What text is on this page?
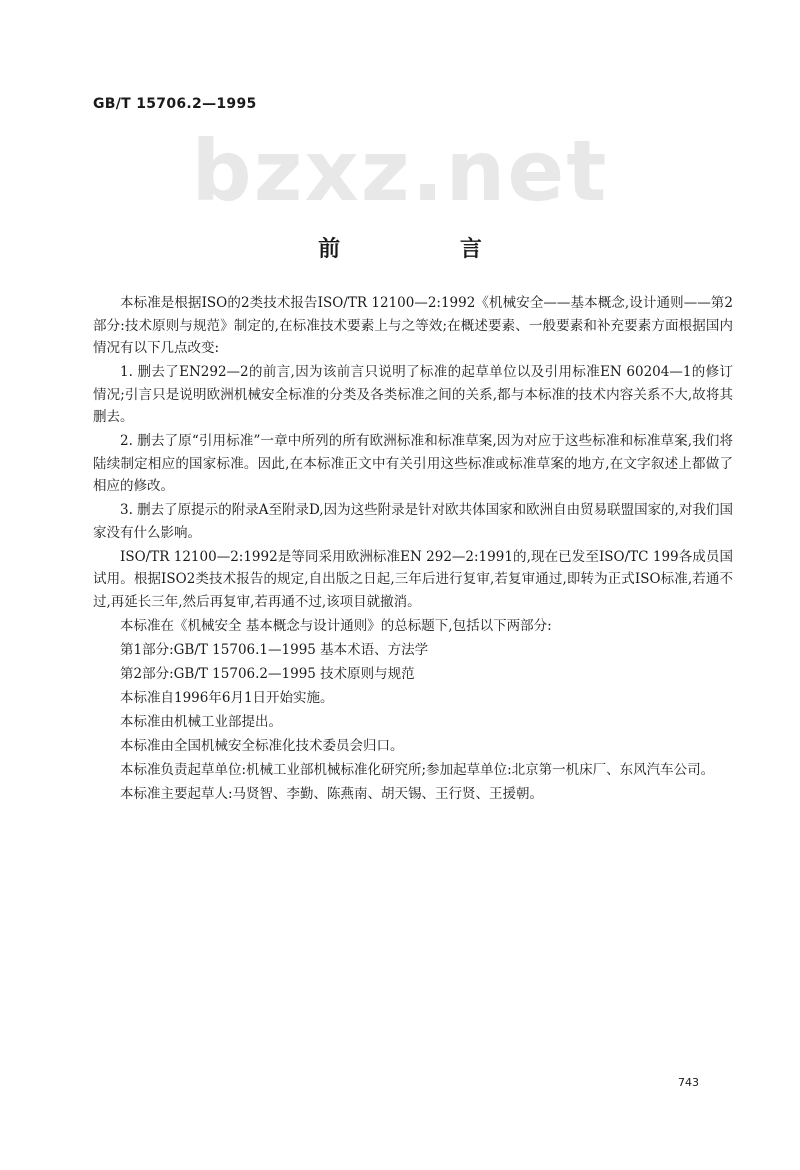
GB/T 15706.2—1995
bzxz.net
前 言

本标准是根据ISO的2类技术报告ISO/TR 12100—2:1992《机械安全——基本概念,设计通则——第2部分:技术原则与规范》制定的,在标准技术要素上与之等效;在概述要素、一般要素和补充要素方面根据国内情况有以下几点改变:

1. 删去了EN292—2的前言,因为该前言只说明了标准的起草单位以及引用标准EN 60204—1的修订情况;引言只是说明欧洲机械安全标准的分类及各类标准之间的关系,都与本标准的技术内容关系不大,故将其删去。

2. 删去了原“引用标准”一章中所列的所有欧洲标准和标准草案,因为对应于这些标准和标准草案,我们将陆续制定相应的国家标准。因此,在本标准正文中有关引用这些标准或标准草案的地方,在文字叙述上都做了相应的修改。

3. 删去了原提示的附录A至附录D,因为这些附录是针对欧共体国家和欧洲自由贸易联盟国家的,对我们国家没有什么影响。

ISO/TR 12100—2:1992是等同采用欧洲标准EN 292—2:1991的,现在已发至ISO/TC 199各成员国试用。根据ISO2类技术报告的规定,自出版之日起,三年后进行复审,若复审通过,即转为正式ISO标准,若通不过,再延长三年,然后再复审,若再通不过,该项目就撤消。

本标准在《机械安全 基本概念与设计通则》的总标题下,包括以下两部分:

第1部分:GB/T 15706.1—1995 基本术语、方法学

第2部分:GB/T 15706.2—1995 技术原则与规范

本标准自1996年6月1日开始实施。

本标准由机械工业部提出。

本标准由全国机械安全标准化技术委员会归口。

本标准负责起草单位:机械工业部机械标准化研究所;参加起草单位:北京第一机床厂、东风汽车公司。

本标准主要起草人:马贤智、李勤、陈燕南、胡天锡、王行贤、王援朝。

743
